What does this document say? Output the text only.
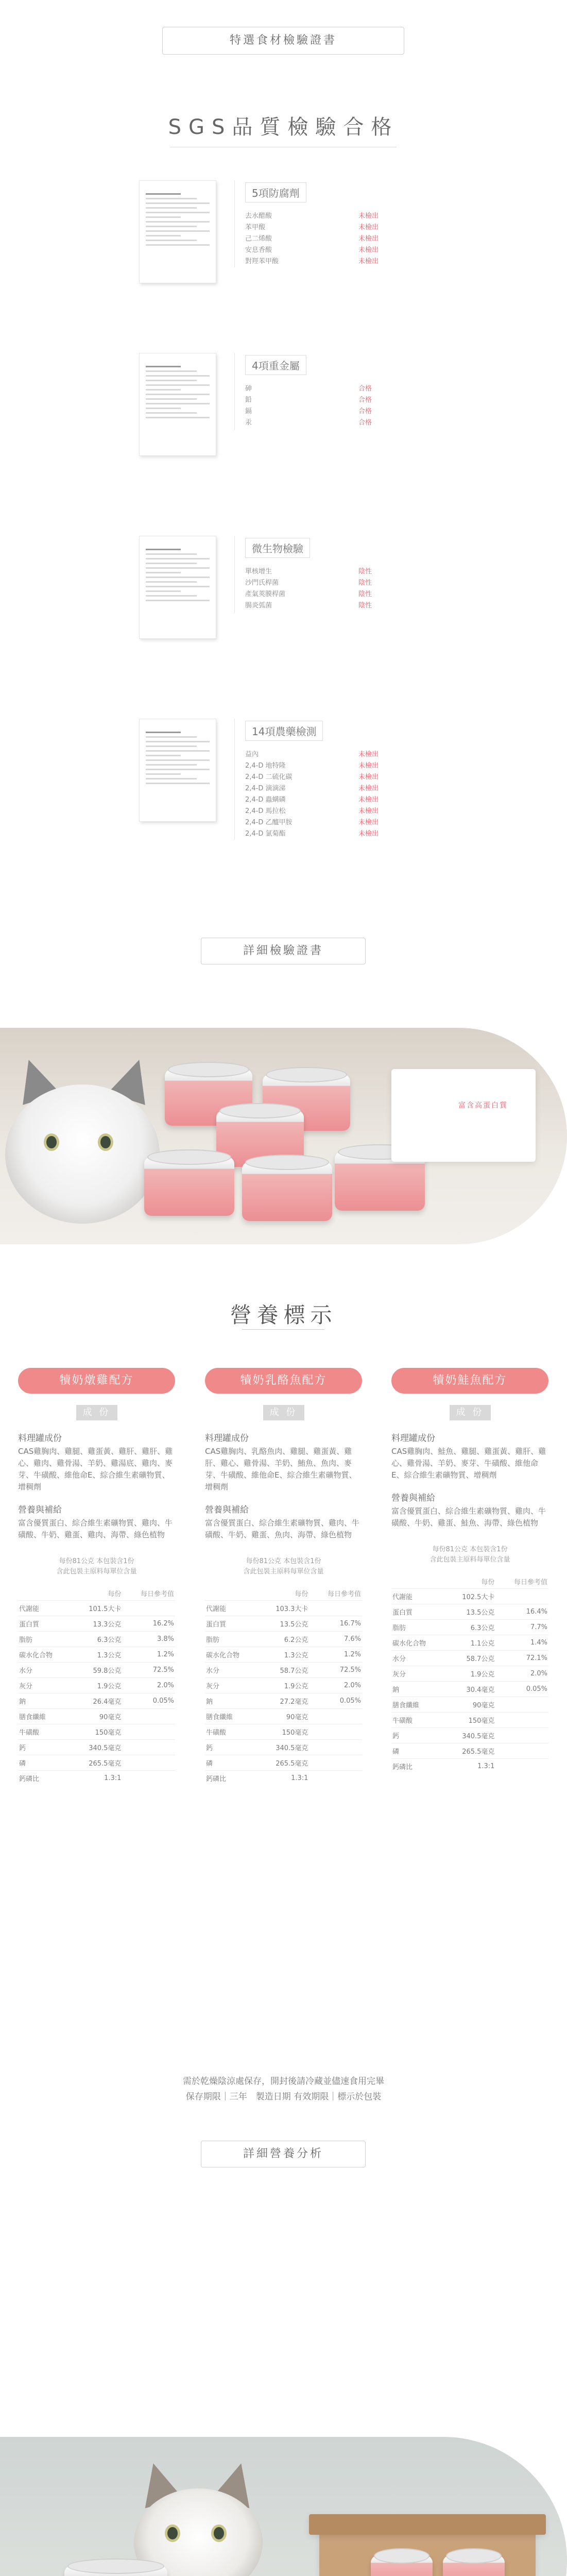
特選食材檢驗證書
SGS品質檢驗合格
5項防腐劑
去水醋酸	未檢出
苯甲酸	未檢出
己二烯酸	未檢出
安息香酸	未檢出
對羥苯甲酸	未檢出
4項重金屬
砷	合格
鉛	合格
鎘	合格
汞	合格
微生物檢驗
單核增生	陰性
沙門氏桿菌	陰性
產氣莢膜桿菌	陰性
腸炎弧菌	陰性
14項農藥檢測
益內	未檢出
2,4-D 地特隆	未檢出
2,4-D 二硫化碳	未檢出
2,4-D 滴滴涕	未檢出
2,4-D 蟲螨磷	未檢出
2,4-D 馬拉松	未檢出
2,4-D 乙醯甲胺	未檢出
2,4-D 氯菊酯	未檢出
詳細檢驗證書
富含高蛋白質
營養標示
犢奶燉雞配方
成 份
料理罐成份
CAS雞胸肉、雞腿、雞蛋黃、雞肝、雞肝、雞心、雞肉、雞骨湯、羊奶、雞湯底、雞肉、麥芽、牛磺酸、維他命E、綜合維生素礦物質、增稠劑
營養與補給
富含優質蛋白、綜合維生素礦物質、雞肉、牛磺酸、牛奶、雞蛋、雞肉、海帶、綠色植物
每份81公克 本包裝含1份
含此包裝主原料每單位含量
	每份	每日參考值
代謝能	101.5大卡	
蛋白質	13.3公克	16.2%
脂肪	6.3公克	3.8%
碳水化合物	1.3公克	1.2%
水分	59.8公克	72.5%
灰分	1.9公克	2.0%
鈉	26.4毫克	0.05%
膳食纖維	90毫克	
牛磺酸	150毫克	
鈣	340.5毫克	
磷	265.5毫克	
鈣磷比	1.3:1	
犢奶乳酪魚配方
成 份
料理罐成份
CAS雞胸肉、乳酪魚肉、雞腿、雞蛋黃、雞肝、雞心、雞骨湯、羊奶、鮪魚、魚肉、麥芽、牛磺酸、維他命E、綜合維生素礦物質、增稠劑
營養與補給
富含優質蛋白、綜合維生素礦物質、雞肉、牛磺酸、牛奶、雞蛋、魚肉、海帶、綠色植物
每份81公克 本包裝含1份
含此包裝主原料每單位含量
	每份	每日參考值
代謝能	103.3大卡	
蛋白質	13.5公克	16.7%
脂肪	6.2公克	7.6%
碳水化合物	1.3公克	1.2%
水分	58.7公克	72.5%
灰分	1.9公克	2.0%
鈉	27.2毫克	0.05%
膳食纖維	90毫克	
牛磺酸	150毫克	
鈣	340.5毫克	
磷	265.5毫克	
鈣磷比	1.3:1	
犢奶鮭魚配方
成 份
料理罐成份
CAS雞胸肉、鮭魚、雞腿、雞蛋黃、雞肝、雞心、雞骨湯、羊奶、麥芽、牛磺酸、維他命E、綜合維生素礦物質、增稠劑
營養與補給
富含優質蛋白、綜合維生素礦物質、雞肉、牛磺酸、牛奶、雞蛋、鮭魚、海帶、綠色植物
每份81公克 本包裝含1份
含此包裝主原料每單位含量
	每份	每日參考值
代謝能	102.5大卡	
蛋白質	13.5公克	16.4%
脂肪	6.3公克	7.7%
碳水化合物	1.1公克	1.4%
水分	58.7公克	72.1%
灰分	1.9公克	2.0%
鈉	30.4毫克	0.05%
膳食纖維	90毫克	
牛磺酸	150毫克	
鈣	340.5毫克	
磷	265.5毫克	
鈣磷比	1.3:1	
需於乾燥陰涼處保存，開封後請冷藏並儘速食用完畢
保存期限｜三年　製造日期 有效期限｜標示於包裝
詳細營養分析
